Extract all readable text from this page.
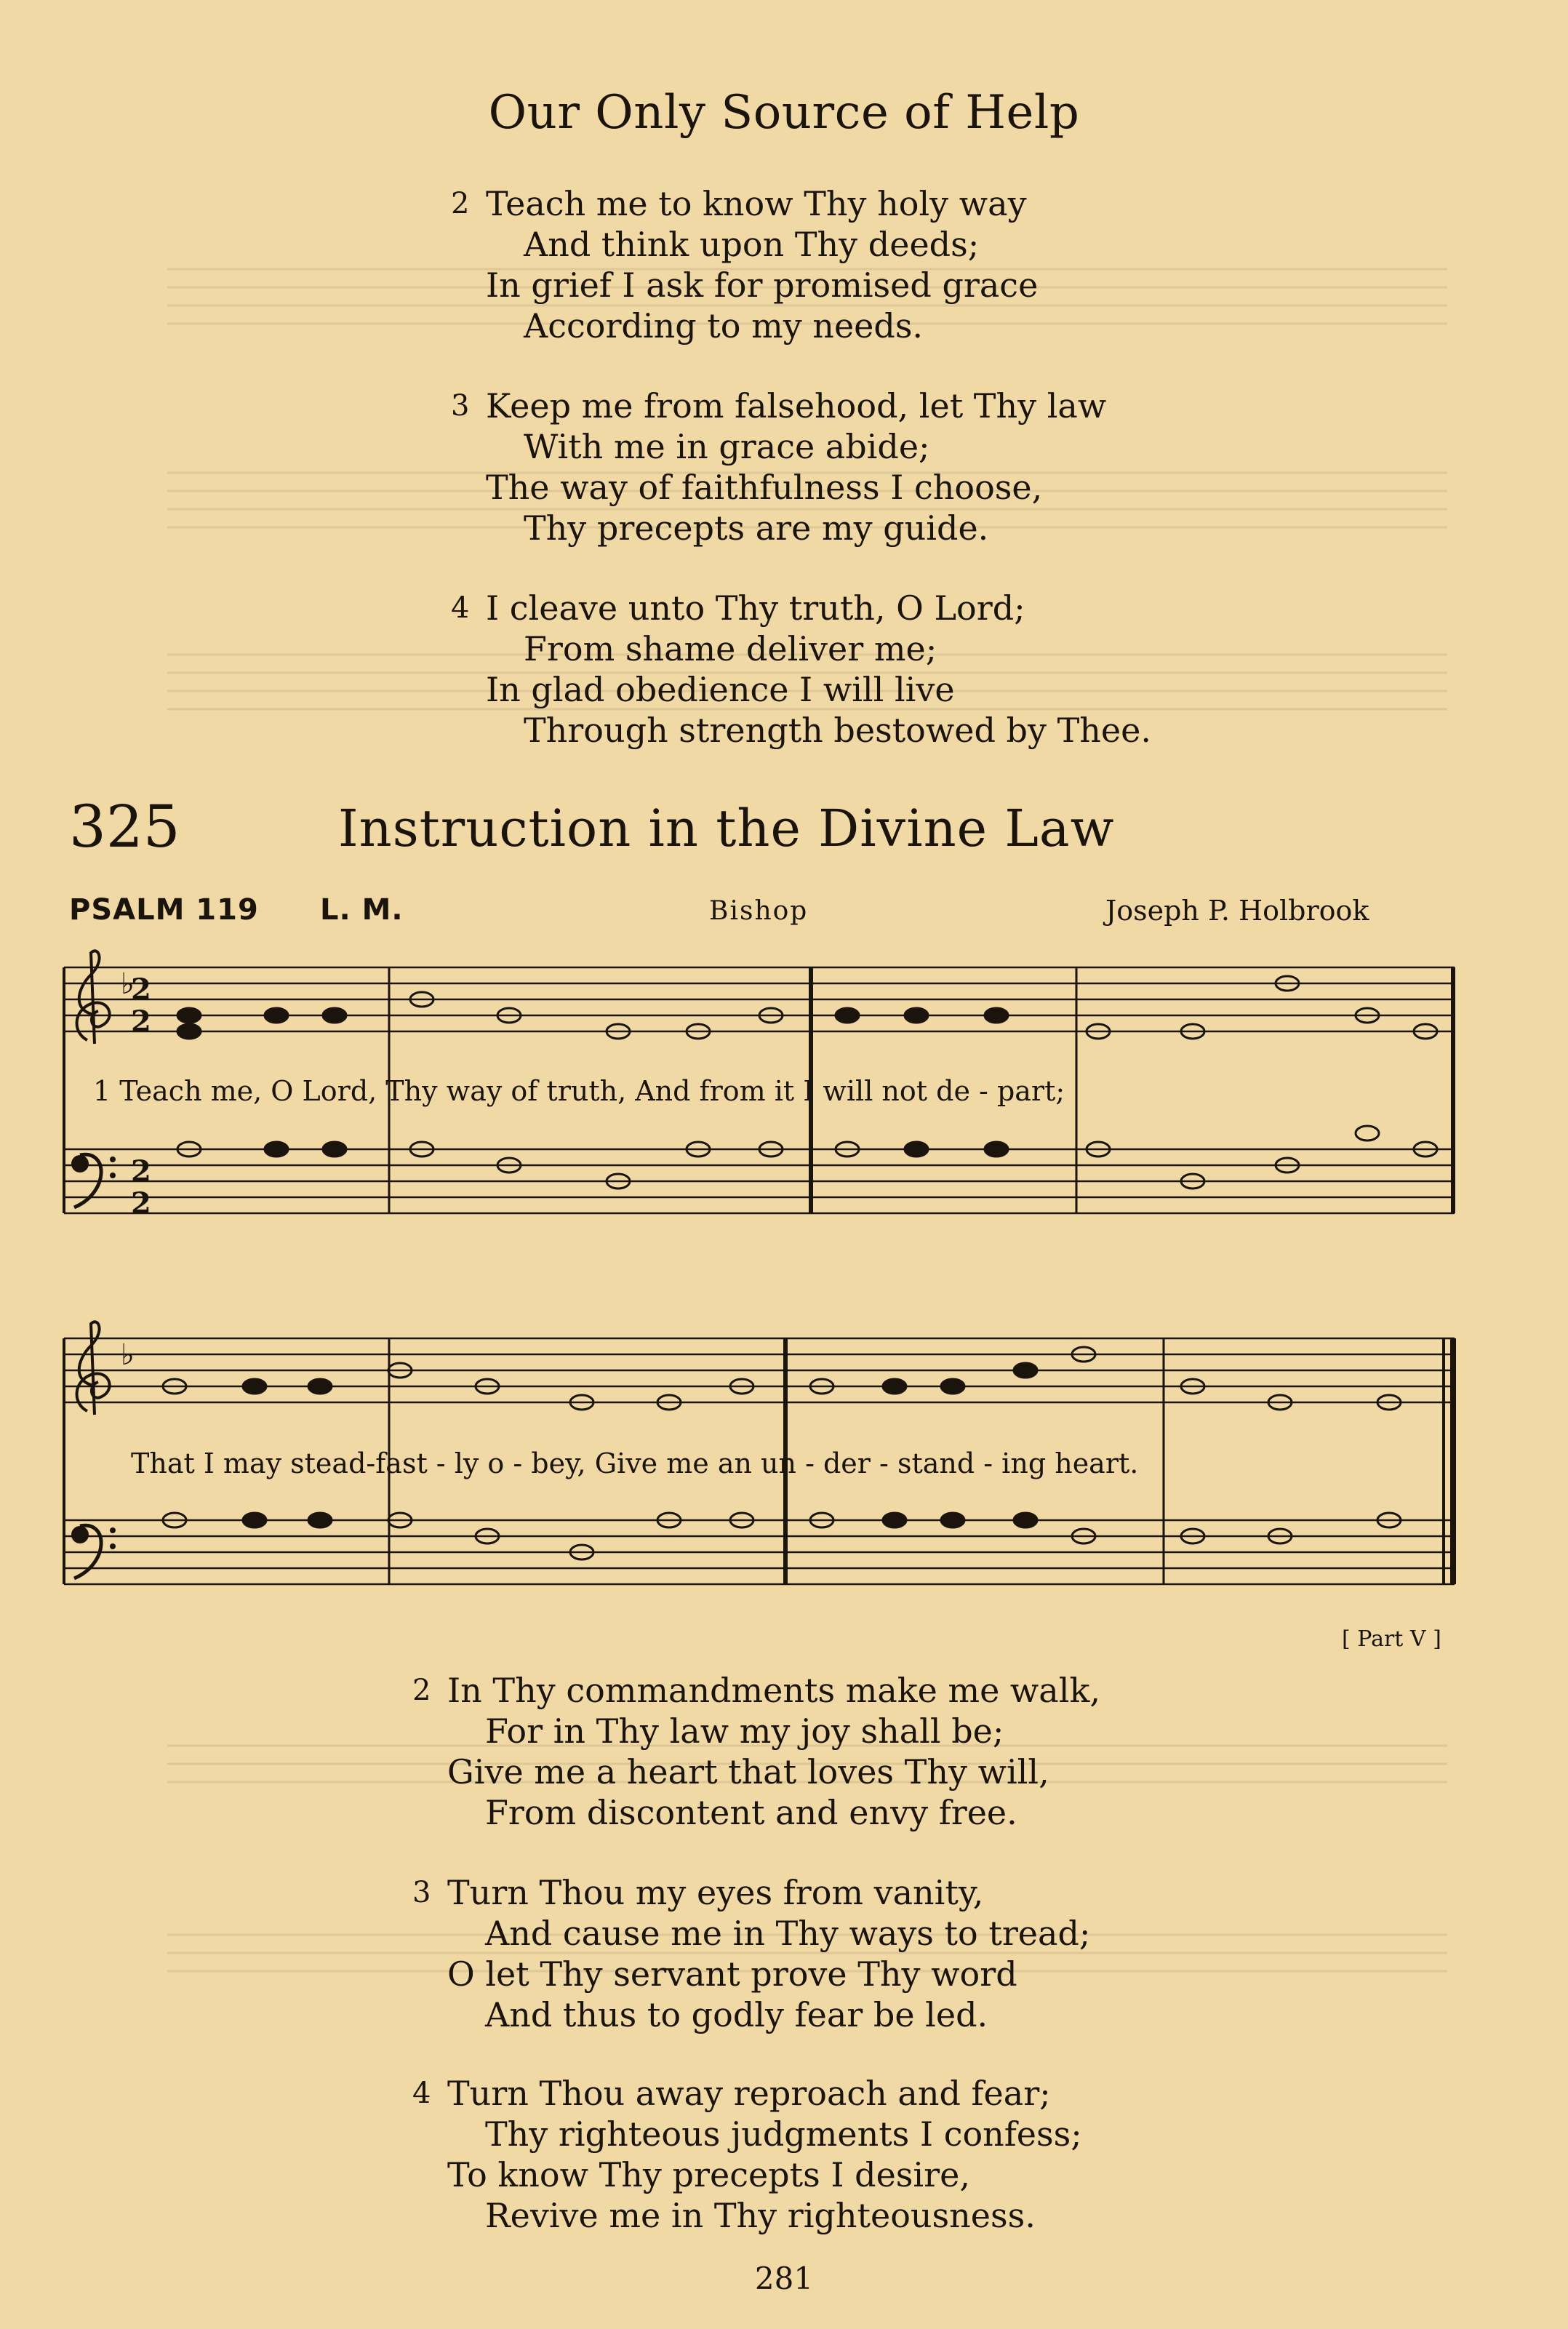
Our Only Source of Help
2 Teach me to know Thy holy way
And think upon Thy deeds;
In grief I ask for promised grace
According to my needs.
3 Keep me from falsehood, let Thy law
With me in grace abide;
The way of faithfulness I choose,
Thy precepts are my guide.
4 I cleave unto Thy truth, O Lord;
From shame deliver me;
In glad obedience I will live
Through strength bestowed by Thee.
325	Instruction in the Divine Law
PSALM 119 L. M.	Bishop	Joseph P. Holbrook
♭
2
2
2
2
1 Teach me, O Lord, Thy way of truth, And from it I will not de - part;
♭
That I may stead-fast - ly o - bey, Give me an un - der - stand - ing heart.
[ Part V ]
2 In Thy commandments make me walk,
For in Thy law my joy shall be;
Give me a heart that loves Thy will,
From discontent and envy free.
3 Turn Thou my eyes from vanity,
And cause me in Thy ways to tread;
O let Thy servant prove Thy word
And thus to godly fear be led.
4 Turn Thou away reproach and fear;
Thy righteous judgments I confess;
To know Thy precepts I desire,
Revive me in Thy righteousness.
281
